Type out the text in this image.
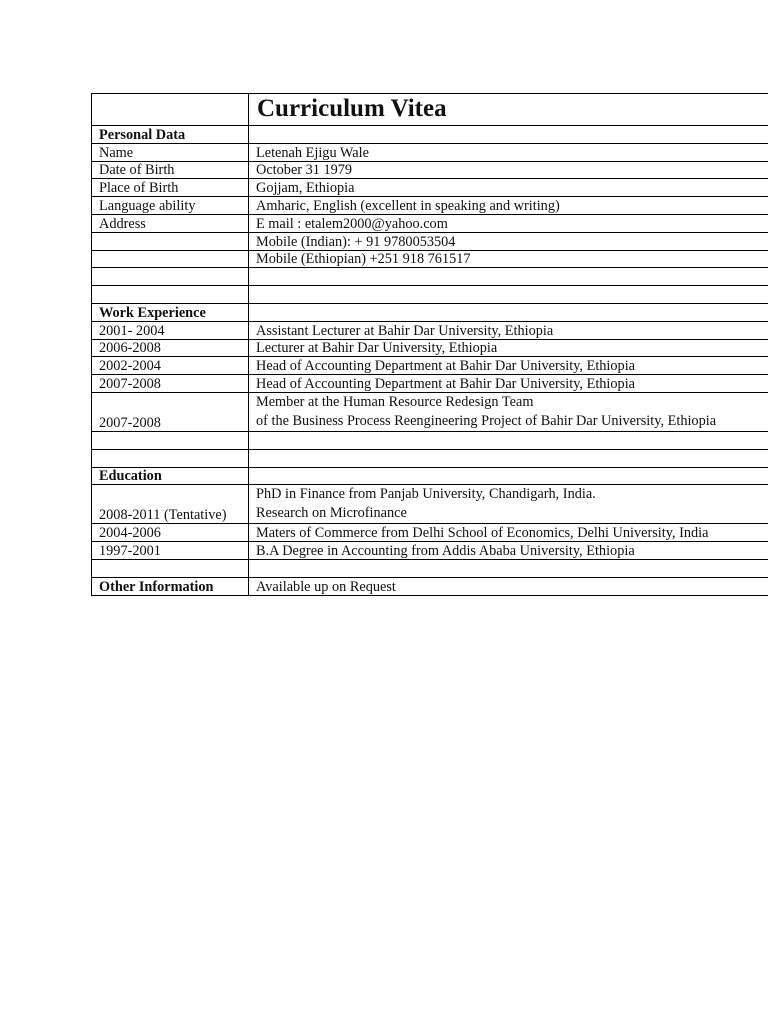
	Curriculum Vitea
Personal Data	
Name	Letenah Ejigu Wale
Date of Birth	October 31 1979
Place of Birth	Gojjam, Ethiopia
Language ability	Amharic, English (excellent in speaking and writing)
Address	E mail : etalem2000@yahoo.com
	Mobile (Indian): + 91 9780053504
	Mobile (Ethiopian) +251 918 761517

Work Experience	
2001- 2004	Assistant Lecturer at Bahir Dar University, Ethiopia
2006-2008	Lecturer at Bahir Dar University, Ethiopia
2002-2004	Head of Accounting Department at Bahir Dar University, Ethiopia
2007-2008	Head of Accounting Department at Bahir Dar University, Ethiopia
2007-2008	Member at the Human Resource Redesign Team
of the Business Process Reengineering Project of Bahir Dar University, Ethiopia

Education	
2008-2011 (Tentative)	PhD in Finance from Panjab University, Chandigarh, India.
Research on Microfinance

2004-2006	Maters of Commerce from Delhi School of Economics, Delhi University, India
1997-2001	B.A Degree in Accounting from Addis Ababa University, Ethiopia

Other Information	Available up on Request
